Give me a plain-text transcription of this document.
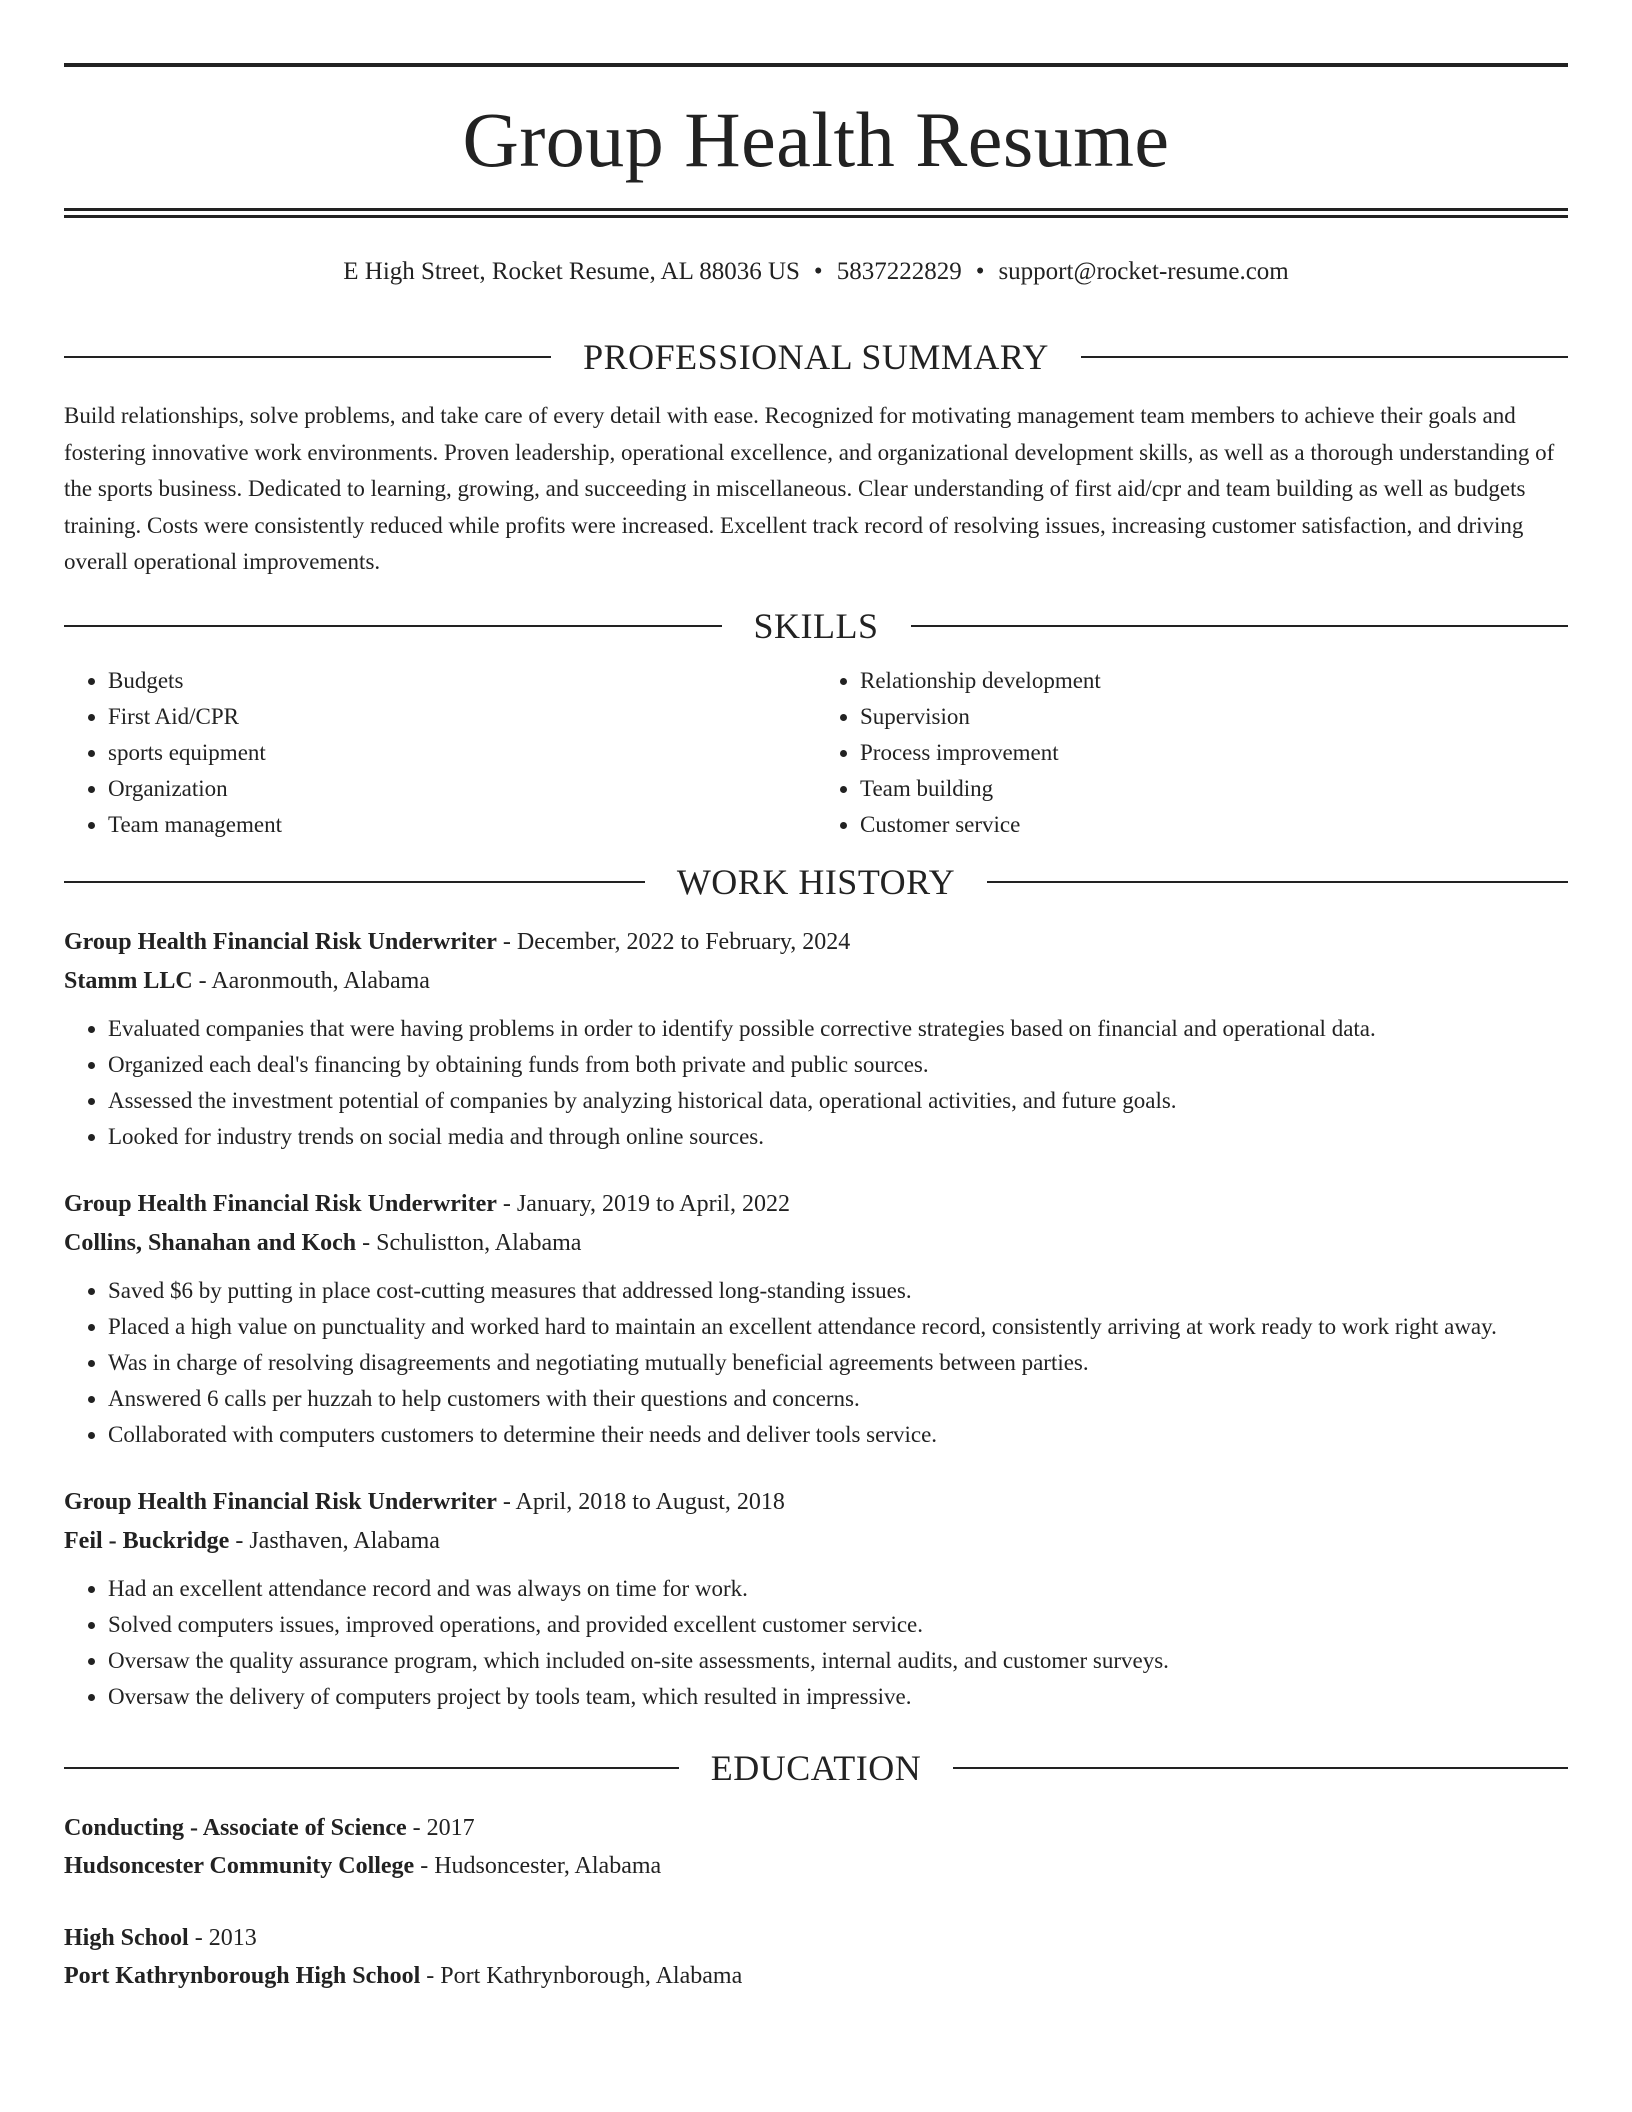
Group Health Resume
E High Street, Rocket Resume, AL 88036 US • 5837222829 • support@rocket-resume.com
PROFESSIONAL SUMMARY

Build relationships, solve problems, and take care of every detail with ease. Recognized for motivating management team members to achieve their goals and fostering innovative work environments. Proven leadership, operational excellence, and organizational development skills, as well as a thorough understanding of the sports business. Dedicated to learning, growing, and succeeding in miscellaneous. Clear understanding of first aid/cpr and team building as well as budgets training. Costs were consistently reduced while profits were increased. Excellent track record of resolving issues, increasing customer satisfaction, and driving overall operational improvements.

SKILLS
• Budgets
• First Aid/CPR
• sports equipment
• Organization
• Team management
• Relationship development
• Supervision
• Process improvement
• Team building
• Customer service
WORK HISTORY
Group Health Financial Risk Underwriter - December, 2022 to February, 2024
Stamm LLC - Aaronmouth, Alabama
• Evaluated companies that were having problems in order to identify possible corrective strategies based on financial and operational data.
• Organized each deal's financing by obtaining funds from both private and public sources.
• Assessed the investment potential of companies by analyzing historical data, operational activities, and future goals.
• Looked for industry trends on social media and through online sources.
Group Health Financial Risk Underwriter - January, 2019 to April, 2022
Collins, Shanahan and Koch - Schulistton, Alabama
• Saved $6 by putting in place cost-cutting measures that addressed long-standing issues.
• Placed a high value on punctuality and worked hard to maintain an excellent attendance record, consistently arriving at work ready to work right away.
• Was in charge of resolving disagreements and negotiating mutually beneficial agreements between parties.
• Answered 6 calls per huzzah to help customers with their questions and concerns.
• Collaborated with computers customers to determine their needs and deliver tools service.
Group Health Financial Risk Underwriter - April, 2018 to August, 2018
Feil - Buckridge - Jasthaven, Alabama
• Had an excellent attendance record and was always on time for work.
• Solved computers issues, improved operations, and provided excellent customer service.
• Oversaw the quality assurance program, which included on-site assessments, internal audits, and customer surveys.
• Oversaw the delivery of computers project by tools team, which resulted in impressive.
EDUCATION
Conducting - Associate of Science - 2017
Hudsoncester Community College - Hudsoncester, Alabama
High School - 2013
Port Kathrynborough High School - Port Kathrynborough, Alabama
